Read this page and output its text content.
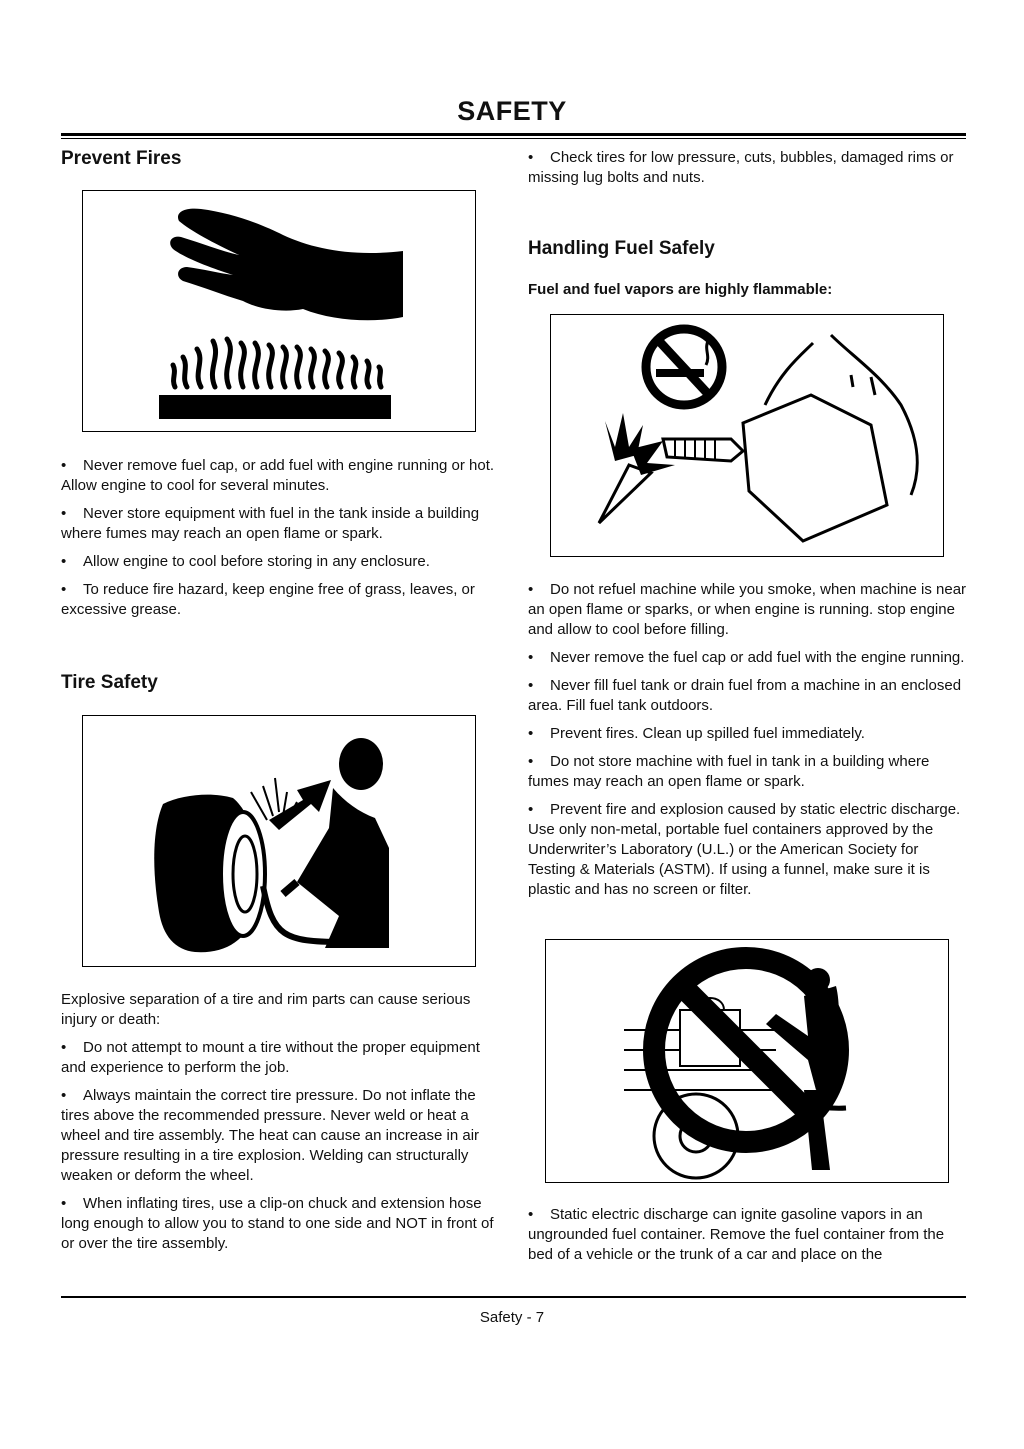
SAFETY
Prevent Fires

• Never remove fuel cap, or add fuel with engine running or hot. Allow engine to cool for several minutes.

• Never store equipment with fuel in the tank inside a building where fumes may reach an open flame or spark.

• Allow engine to cool before storing in any enclosure.

• To reduce fire hazard, keep engine free of grass, leaves, or excessive grease.

Tire Safety

Explosive separation of a tire and rim parts can cause serious injury or death:

• Do not attempt to mount a tire without the proper equipment and experience to perform the job.

• Always maintain the correct tire pressure. Do not inflate the tires above the recommended pressure. Never weld or heat a wheel and tire assembly. The heat can cause an increase in air pressure resulting in a tire explosion. Welding can structurally weaken or deform the wheel.

• When inflating tires, use a clip-on chuck and extension hose long enough to allow you to stand to one side and NOT in front of or over the tire assembly.

• Check tires for low pressure, cuts, bubbles, damaged rims or missing lug bolts and nuts.

Handling Fuel Safely

Fuel and fuel vapors are highly flammable:

• Do not refuel machine while you smoke, when machine is near an open flame or sparks, or when engine is running. stop engine and allow to cool before filling.

• Never remove the fuel cap or add fuel with the engine running.

• Never fill fuel tank or drain fuel from a machine in an enclosed area. Fill fuel tank outdoors.

• Prevent fires. Clean up spilled fuel immediately.

• Do not store machine with fuel in tank in a building where fumes may reach an open flame or spark.

• Prevent fire and explosion caused by static electric discharge. Use only non-metal, portable fuel containers approved by the Underwriter’s Laboratory (U.L.) or the American Society for Testing & Materials (ASTM). If using a funnel, make sure it is plastic and has no screen or filter.

• Static electric discharge can ignite gasoline vapors in an ungrounded fuel container. Remove the fuel container from the bed of a vehicle or the trunk of a car and place on the

Safety - 7
